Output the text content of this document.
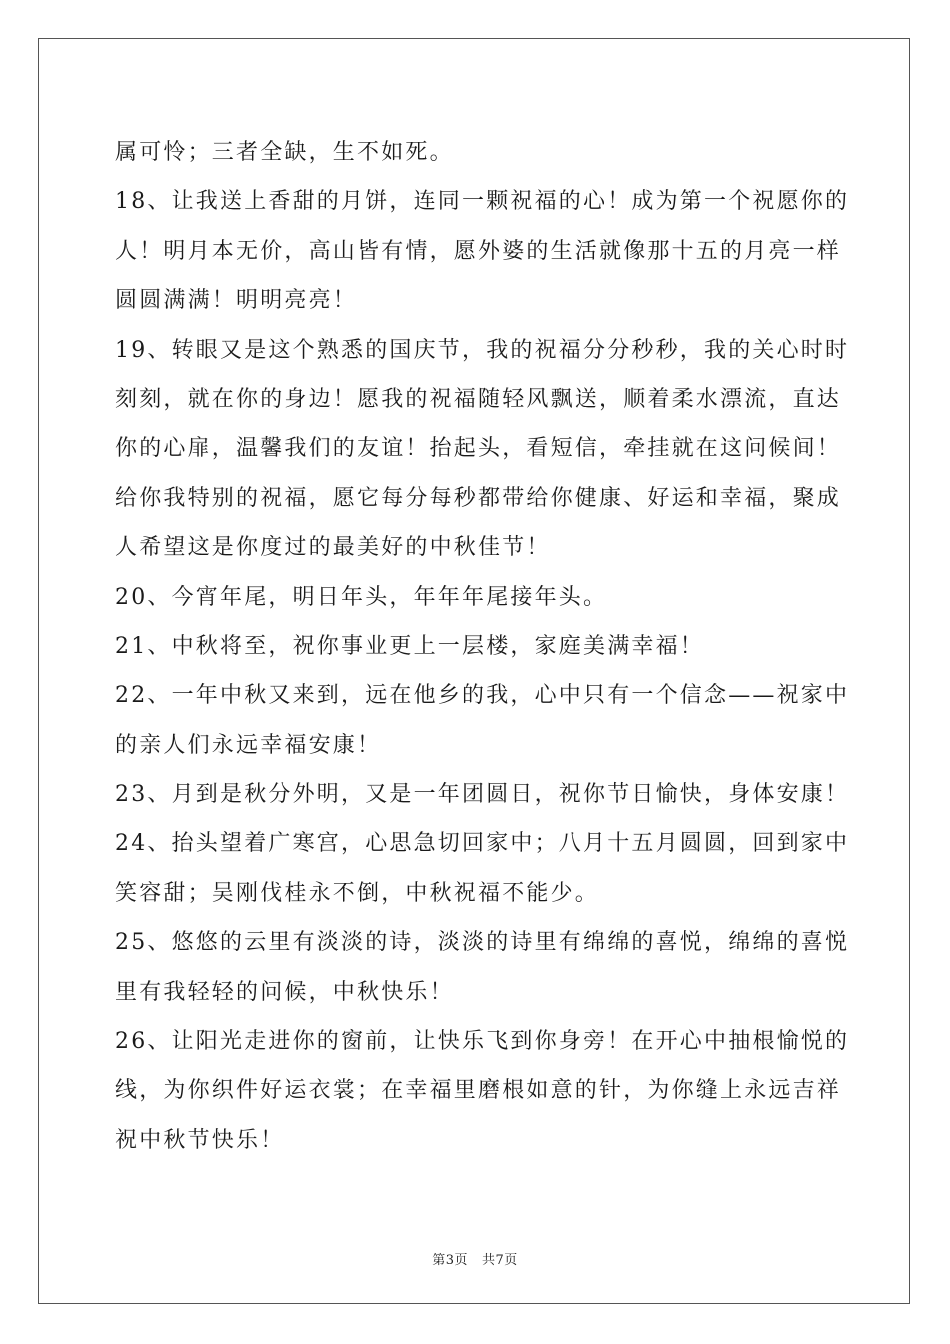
属可怜；三者全缺，生不如死。
18、让我送上香甜的月饼，连同一颗祝福的心！成为第一个祝愿你的
人！明月本无价，高山皆有情，愿外婆的生活就像那十五的月亮一样
圆圆满满！明明亮亮！
19、转眼又是这个熟悉的国庆节，我的祝福分分秒秒，我的关心时时
刻刻，就在你的身边！愿我的祝福随轻风飘送，顺着柔水漂流，直达
你的心扉，温馨我们的友谊！抬起头，看短信，牵挂就在这问候间！
给你我特别的祝福，愿它每分每秒都带给你健康、好运和幸福，聚成
人希望这是你度过的最美好的中秋佳节！
20、今宵年尾，明日年头，年年年尾接年头。
21、中秋将至，祝你事业更上一层楼，家庭美满幸福！
22、一年中秋又来到，远在他乡的我，心中只有一个信念——祝家中
的亲人们永远幸福安康！
23、月到是秋分外明，又是一年团圆日，祝你节日愉快，身体安康！
24、抬头望着广寒宫，心思急切回家中；八月十五月圆圆，回到家中
笑容甜；吴刚伐桂永不倒，中秋祝福不能少。
25、悠悠的云里有淡淡的诗，淡淡的诗里有绵绵的喜悦，绵绵的喜悦
里有我轻轻的问候，中秋快乐！
26、让阳光走进你的窗前，让快乐飞到你身旁！在开心中抽根愉悦的
线，为你织件好运衣裳；在幸福里磨根如意的针，为你缝上永远吉祥
祝中秋节快乐！
第3页 共7页
